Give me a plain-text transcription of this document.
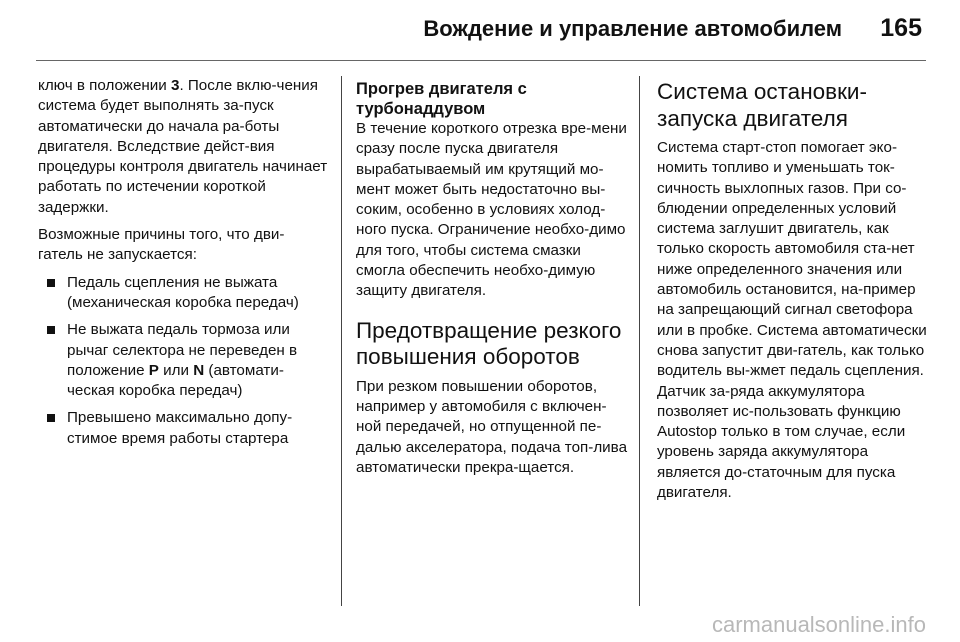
Вождение и управление автомобилем 165

ключ в положении 3. После вклю-чения система будет выполнять за-пуск автоматически до начала ра-боты двигателя. Вследствие дейст-вия процедуры контроля двигатель начинает работать по истечении короткой задержки.

Возможные причины того, что дви-гатель не запускается:

Педаль сцепления не выжата (механическая коробка передач)
Не выжата педаль тормоза или рычаг селектора не переведен в положение P или N (автомати-ческая коробка передач)
Превышено максимально допу-стимое время работы стартера
Прогрев двигателя с турбонаддувом

В течение короткого отрезка вре-мени сразу после пуска двигателя вырабатываемый им крутящий мо-мент может быть недостаточно вы-соким, особенно в условиях холод-ного пуска. Ограничение необхо-димо для того, чтобы система смазки смогла обеспечить необхо-димую защиту двигателя.

Предотвращение резкого повышения оборотов

При резком повышении оборотов, например у автомобиля с включен-ной передачей, но отпущенной пе-далью акселератора, подача топ-лива автоматически прекра-щается.

Система остановки-запуска двигателя

Система старт-стоп помогает эко-номить топливо и уменьшать ток-сичность выхлопных газов. При со-блюдении определенных условий система заглушит двигатель, как только скорость автомобиля ста-нет ниже определенного значения или автомобиль остановится, на-пример на запрещающий сигнал светофора или в пробке. Система автоматически снова запустит дви-гатель, как только водитель вы-жмет педаль сцепления. Датчик за-ряда аккумулятора позволяет ис-пользовать функцию Autostop только в том случае, если уровень заряда аккумулятора является до-статочным для пуска двигателя.

carmanualsonline.info
